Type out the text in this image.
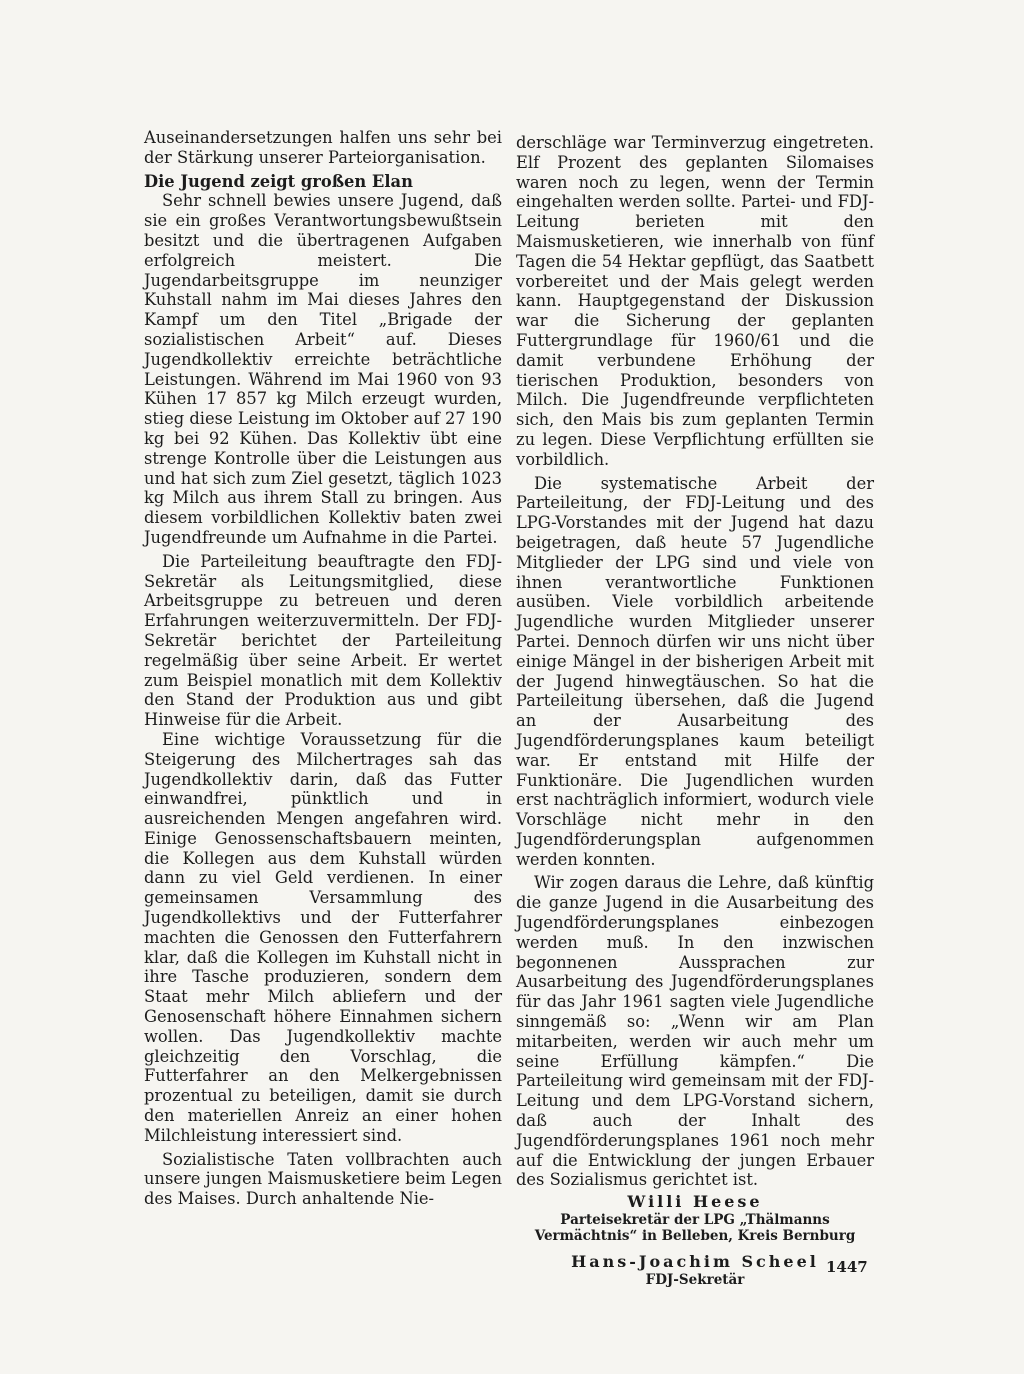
Auseinandersetzungen halfen uns sehr bei der Stärkung unserer Parteiorganisation.

Die Jugend zeigt großen Elan

Sehr schnell bewies unsere Jugend, daß sie ein großes Verantwortungsbewußtsein besitzt und die übertragenen Aufgaben erfolgreich meistert. Die Jugendarbeitsgruppe im neunziger Kuhstall nahm im Mai dieses Jahres den Kampf um den Titel „Brigade der sozialistischen Arbeit“ auf. Dieses Jugendkollektiv erreichte beträchtliche Leistungen. Während im Mai 1960 von 93 Kühen 17 857 kg Milch erzeugt wurden, stieg diese Leistung im Oktober auf 27 190 kg bei 92 Kühen. Das Kollektiv übt eine strenge Kontrolle über die Leistungen aus und hat sich zum Ziel gesetzt, täglich 1023 kg Milch aus ihrem Stall zu bringen. Aus diesem vorbildlichen Kollektiv baten zwei Jugendfreunde um Aufnahme in die Partei.

Die Parteileitung beauftragte den FDJ-Sekretär als Leitungsmitglied, diese Arbeitsgruppe zu betreuen und deren Erfahrungen weiterzuvermitteln. Der FDJ-Sekretär berichtet der Parteileitung regelmäßig über seine Arbeit. Er wertet zum Beispiel monatlich mit dem Kollektiv den Stand der Produktion aus und gibt Hinweise für die Arbeit.

Eine wichtige Voraussetzung für die Steigerung des Milchertrages sah das Jugendkollektiv darin, daß das Futter einwandfrei, pünktlich und in ausreichenden Mengen angefahren wird. Einige Genossenschaftsbauern meinten, die Kollegen aus dem Kuhstall würden dann zu viel Geld verdienen. In einer gemeinsamen Versammlung des Jugendkollektivs und der Futterfahrer machten die Genossen den Futterfahrern klar, daß die Kollegen im Kuhstall nicht in ihre Tasche produzieren, sondern dem Staat mehr Milch abliefern und der Genosenschaft höhere Einnahmen sichern wollen. Das Jugendkollektiv machte gleichzeitig den Vorschlag, die Futterfahrer an den Melkergebnissen prozentual zu beteiligen, damit sie durch den materiellen Anreiz an einer hohen Milchleistung interessiert sind.

Sozialistische Taten vollbrachten auch unsere jungen Maismusketiere beim Legen des Maises. Durch anhaltende Nie-

derschläge war Terminverzug eingetreten. Elf Prozent des geplanten Silomaises waren noch zu legen, wenn der Termin eingehalten werden sollte. Partei- und FDJ-Leitung berieten mit den Maismusketieren, wie innerhalb von fünf Tagen die 54 Hektar gepflügt, das Saatbett vorbereitet und der Mais gelegt werden kann. Hauptgegenstand der Diskussion war die Sicherung der geplanten Futtergrundlage für 1960/61 und die damit verbundene Erhöhung der tierischen Produktion, besonders von Milch. Die Jugendfreunde verpflichteten sich, den Mais bis zum geplanten Termin zu legen. Diese Verpflichtung erfüllten sie vorbildlich.

Die systematische Arbeit der Parteileitung, der FDJ-Leitung und des LPG-Vorstandes mit der Jugend hat dazu beigetragen, daß heute 57 Jugendliche Mitglieder der LPG sind und viele von ihnen verantwortliche Funktionen ausüben. Viele vorbildlich arbeitende Jugendliche wurden Mitglieder unserer Partei. Dennoch dürfen wir uns nicht über einige Mängel in der bisherigen Arbeit mit der Jugend hinwegtäuschen. So hat die Parteileitung übersehen, daß die Jugend an der Ausarbeitung des Jugendförderungsplanes kaum beteiligt war. Er entstand mit Hilfe der Funktionäre. Die Jugendlichen wurden erst nachträglich informiert, wodurch viele Vorschläge nicht mehr in den Jugendförderungsplan aufgenommen werden konnten.

Wir zogen daraus die Lehre, daß künftig die ganze Jugend in die Ausarbeitung des Jugendförderungsplanes einbezogen werden muß. In den inzwischen begonnenen Aussprachen zur Ausarbeitung des Jugendförderungsplanes für das Jahr 1961 sagten viele Jugendliche sinngemäß so: „Wenn wir am Plan mitarbeiten, werden wir auch mehr um seine Erfüllung kämpfen.“ Die Parteileitung wird gemeinsam mit der FDJ-Leitung und dem LPG-Vorstand sichern, daß auch der Inhalt des Jugendförderungsplanes 1961 noch mehr auf die Entwicklung der jungen Erbauer des Sozialismus gerichtet ist.

Willi Heese

Parteisekretär der LPG „Thälmanns Vermächtnis“ in Belleben, Kreis Bernburg

Hans-Joachim Scheel

FDJ-Sekretär

1447
